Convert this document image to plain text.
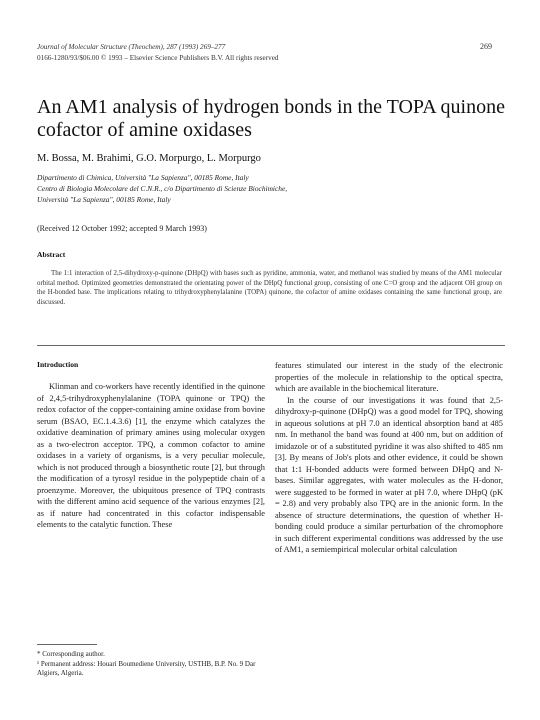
Journal of Molecular Structure (Theochem), 287 (1993) 269–277
0166-1280/93/$06.00 © 1993 – Elsevier Science Publishers B.V. All rights reserved
269
An AM1 analysis of hydrogen bonds in the TOPA quinone cofactor of amine oxidases
M. Bossa, M. Brahimi, G.O. Morpurgo, L. Morpurgo
Dipartimento di Chimica, Università "La Sapienza", 00185 Rome, Italy
Centro di Biologia Molecolare del C.N.R., c/o Dipartimento di Scienze Biochimiche,
Università "La Sapienza", 00185 Rome, Italy
(Received 12 October 1992; accepted 9 March 1993)
Abstract
The 1:1 interaction of 2,5-dihydroxy-p-quinone (DHpQ) with bases such as pyridine, ammonia, water, and methanol was studied by means of the AM1 molecular orbital method. Optimized geometries demonstrated the orientating power of the DHpQ functional group, consisting of one C=O group and the adjacent OH group on the H-bonded base. The implications relating to trihydroxyphenylalanine (TOPA) quinone, the cofactor of amine oxidases containing the same functional group, are discussed.
Introduction

Klinman and co-workers have recently identified in the quinone of 2,4,5-trihydroxyphenylalanine (TOPA quinone or TPQ) the redox cofactor of the copper-containing amine oxidase from bovine serum (BSAO, EC.1.4.3.6) [1], the enzyme which catalyzes the oxidative deamination of primary amines using molecular oxygen as a two-electron acceptor. TPQ, a common cofactor to amine oxidases in a variety of organisms, is a very peculiar molecule, which is not produced through a biosynthetic route [2], but through the modification of a tyrosyl residue in the polypeptide chain of a proenzyme. Moreover, the ubiquitous presence of TPQ contrasts with the different amino acid sequence of the various enzymes [2], as if nature had concentrated in this cofactor indispensable elements to the catalytic function. These

features stimulated our interest in the study of the electronic properties of the molecule in relationship to the optical spectra, which are available in the biochemical literature.

In the course of our investigations it was found that 2,5-dihydroxy-p-quinone (DHpQ) was a good model for TPQ, showing in aqueous solutions at pH 7.0 an identical absorption band at 485 nm. In methanol the band was found at 400 nm, but on addition of imidazole or of a substituted pyridine it was also shifted to 485 nm [3]. By means of Job's plots and other evidence, it could be shown that 1:1 H-bonded adducts were formed between DHpQ and N-bases. Similar aggregates, with water molecules as the H-donor, were suggested to be formed in water at pH 7.0, where DHpQ (pK = 2.8) and very probably also TPQ are in the anionic form. In the absence of structure determinations, the question of whether H-bonding could produce a similar perturbation of the chromophore in such different experimental conditions was addressed by the use of AM1, a semiempirical molecular orbital calculation

* Corresponding author.
¹ Permanent address: Houari Boumediene University, USTHB, B.P. No. 9 Dar Algiers, Algeria.
